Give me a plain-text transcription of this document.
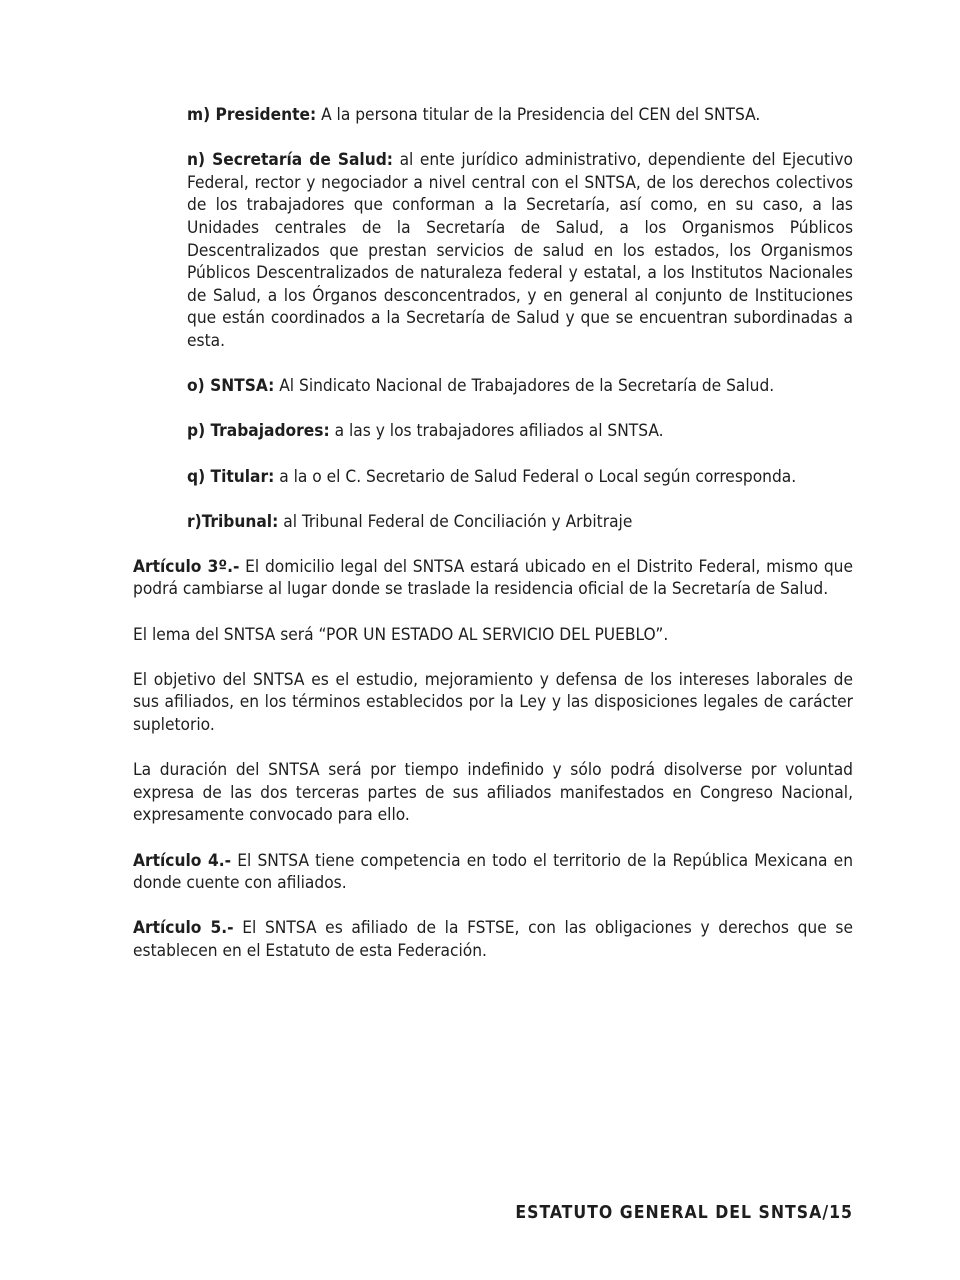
m) Presidente: A la persona titular de la Presidencia del CEN del SNTSA.

n) Secretaría de Salud: al ente jurídico administrativo, dependiente del Ejecutivo Federal, rector y negociador a nivel central con el SNTSA, de los derechos colectivos de los trabajadores que conforman a la Secretaría, así como, en su caso, a las Unidades centrales de la Secretaría de Salud, a los Organismos Públicos Descentralizados que prestan servicios de salud en los estados, los Organismos Públicos Descentralizados de naturaleza federal y estatal, a los Institutos Nacionales de Salud, a los Órganos desconcentrados, y en general al conjunto de Instituciones que están coordinados a la Secretaría de Salud y que se encuentran subordinadas a esta.

o) SNTSA: Al Sindicato Nacional de Trabajadores de la Secretaría de Salud.

p) Trabajadores: a las y los trabajadores afiliados al SNTSA.

q) Titular: a la o el C. Secretario de Salud Federal o Local según corresponda.

r)Tribunal: al Tribunal Federal de Conciliación y Arbitraje

Artículo 3º.- El domicilio legal del SNTSA estará ubicado en el Distrito Federal, mismo que podrá cambiarse al lugar donde se traslade la residencia oficial de la Secretaría de Salud.

El lema del SNTSA será “POR UN ESTADO AL SERVICIO DEL PUEBLO”.

El objetivo del SNTSA es el estudio, mejoramiento y defensa de los intereses laborales de sus afiliados, en los términos establecidos por la Ley y las disposiciones legales de carácter supletorio.

La duración del SNTSA será por tiempo indefinido y sólo podrá disolverse por voluntad expresa de las dos terceras partes de sus afiliados manifestados en Congreso Nacional, expresamente convocado para ello.

Artículo 4.- El SNTSA tiene competencia en todo el territorio de la República Mexicana en donde cuente con afiliados.

Artículo 5.- El SNTSA es afiliado de la FSTSE, con las obligaciones y derechos que se establecen en el Estatuto de esta Federación.

ESTATUTO GENERAL DEL SNTSA/15
